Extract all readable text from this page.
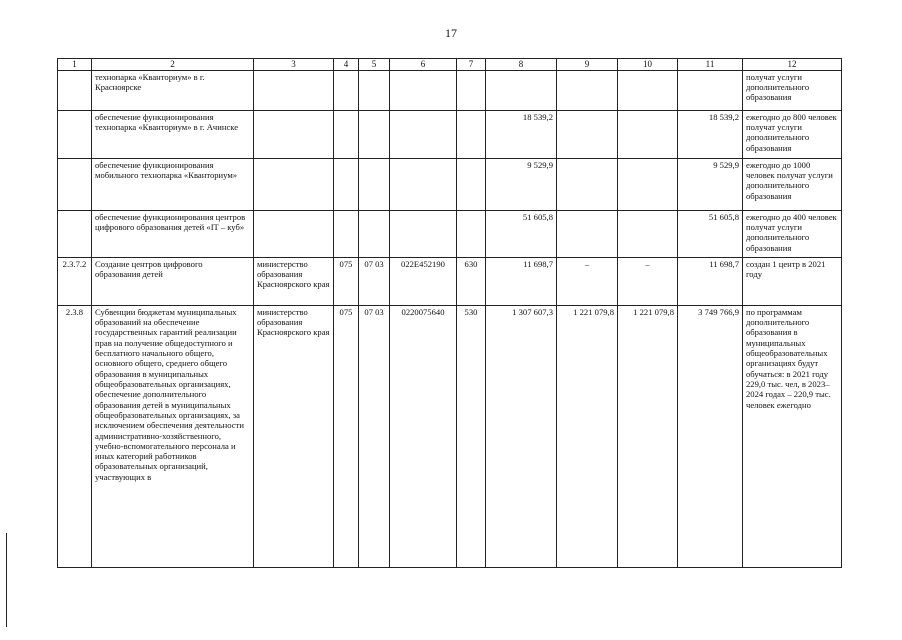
17
1	2	3	4	5	6	7	8	9	10	11	12
	технопарка «Кванториум» в г. Красноярске										получат услуги дополнительного образования
	обеспечение функционирования технопарка «Кванториум» в г. Ачинске						18 539,2			18 539,2	ежегодно до 800 человек получат услуги дополнительного образования
	обеспечение функционирования мобильного технопарка «Кванториум»						9 529,9			9 529,9	ежегодно до 1000 человек получат услуги дополнительного образования
	обеспечение функционирования центров цифрового образования детей «IT – куб»						51 605,8			51 605,8	ежегодно до 400 человек получат услуги дополнительного образования
2.3.7.2	Создание центров цифрового образования детей	министерство образования Красноярского края	075	07 03	022E452190	630	11 698,7	–	–	11 698,7	создан 1 центр в 2021 году
2.3.8	Субвенции бюджетам муниципальных образований на обеспечение государственных гарантий реализации прав на получение общедоступного и бесплатного начального общего, основного общего, среднего общего образования в муниципальных общеобразовательных организациях, обеспечение дополнительного образования детей в муниципальных общеобразовательных организациях, за исключением обеспечения деятельности административно-хозяйственного, учебно-вспомогательного персонала и иных категорий работников образовательных организаций, участвующих в	министерство образования Красноярского края	075	07 03	0220075640	530	1 307 607,3	1 221 079,8	1 221 079,8	3 749 766,9	по программам дополнительного образования в муниципальных общеобразовательных организациях будут обучаться: в 2021 году 229,0 тыс. чел, в 2023–2024 годах – 220,9 тыс. человек ежегодно
